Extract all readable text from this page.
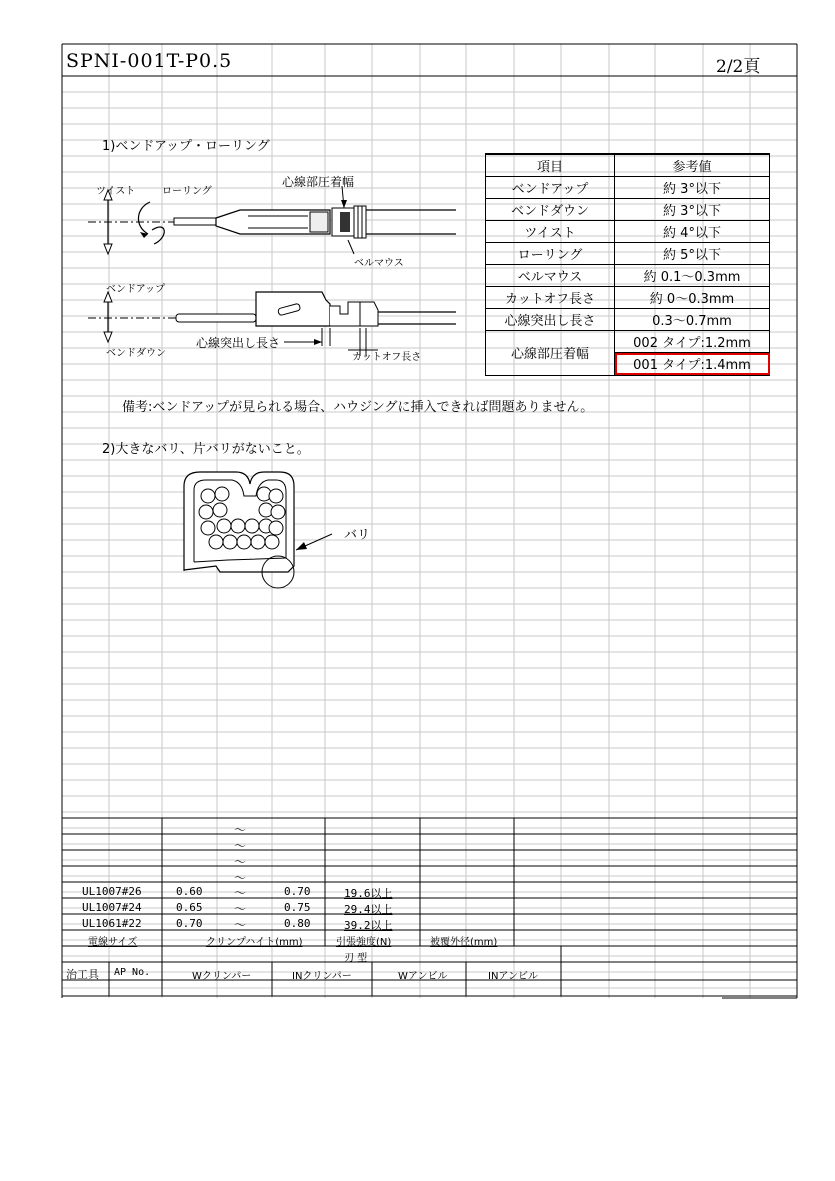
SPNI-001T-P0.5	2/2頁
1)ベンドアップ・ローリング
ツイスト	ローリング
心線部圧着幅
ベルマウス
ベンドアップ
ベンドダウン
心線突出し長さ
カットオフ長さ
項目	参考値
ベンドアップ	約 3°以下
ベンドダウン	約 3°以下
ツイスト	約 4°以下
ローリング	約 5°以下
ベルマウス	約 0.1〜0.3mm
カットオフ長さ	約 0〜0.3mm
心線突出し長さ	0.3〜0.7mm
心線部圧着幅	002 タイプ:1.2mm
	001 タイプ:1.4mm
備考:ベンドアップが見られる場合、ハウジングに挿入できれば問題ありません。
2)大きなバリ、片バリがないこと。
バリ
〜
〜
〜
〜
UL1007#26	0.60	〜	0.70	19.6以上
UL1007#24	0.65	〜	0.75	29.4以上
UL1061#22	0.70	〜	0.80	39.2以上
電線サイズ	クリンプハイト(mm)	引張強度(N)	被覆外径(mm)
刃 型
治工具 AP No.	Wクリンパー	INクリンパー	Wアンビル	INアンビル
